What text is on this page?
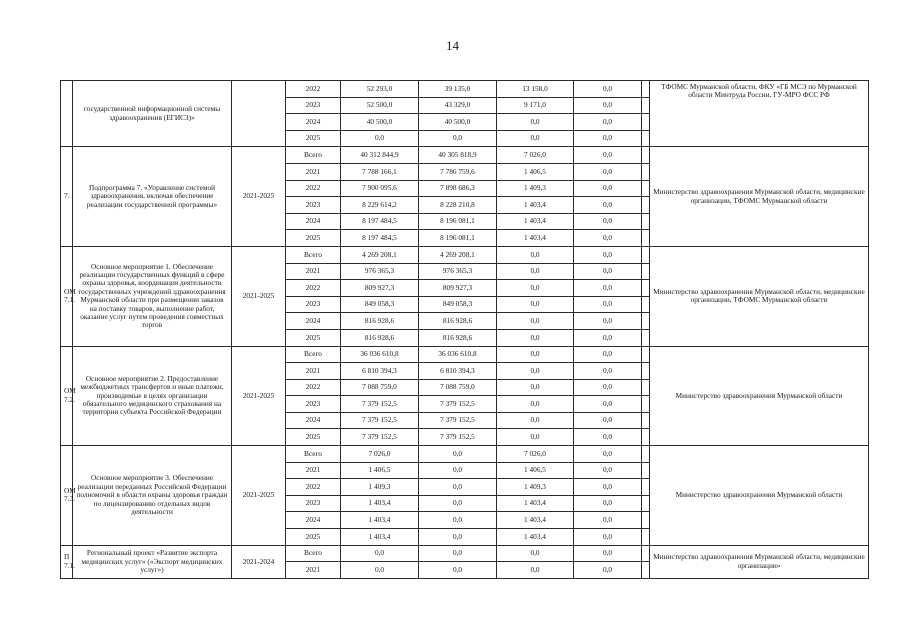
14
	государственной информационной системы здравоохранения (ЕГИСЗ)»		2022	52 293,0	39 135,0	13 158,0	0,0		ТФОМС Мурманской области, ФКУ «ГБ МСЭ по Мурманской области Минтруда России, ГУ-МРО ФСС РФ
			2023	52 500,0	43 329,0	9 171,0	0,0		
			2024	40 500,0	40 500,0	0,0	0,0		
			2025	0,0	0,0	0,0	0,0		
7.	Подпрограмма 7. «Управление системой здравоохранения, включая обеспечение реализации государственной программы»	2021-2025	Всего	40 312 844,9	40 305 818,9	7 026,0	0,0		Министерство здравоохранения Мурманской области, медицинские организации, ТФОМС Мурманской области
			2021	7 788 166,1	7 786 759,6	1 406,5	0,0		
			2022	7 900 095,6	7 898 686,3	1 409,3	0,0		
			2023	8 229 614,2	8 228 210,8	1 403,4	0,0		
			2024	8 197 484,5	8 196 081,1	1 403,4	0,0		
			2025	8 197 484,5	8 196 081,1	1 403,4	0,0		
ОМ 7.1.	Основное мероприятие 1. Обеспечение реализации государственных функций в сфере охраны здоровья, координация деятельности государственных учреждений здравоохранения Мурманской области при размещении заказов на поставку товаров, выполнение работ, оказание услуг путем проведения совместных торгов	2021-2025	Всего	4 269 208,1	4 269 208,1	0,0	0,0		Министерство здравоохранения Мурманской области, медицинские организации, ТФОМС Мурманской области
			2021	976 365,3	976 365,3	0,0	0,0		
			2022	809 927,3	809 927,3	0,0	0,0		
			2023	849 058,3	849 058,3	0,0	0,0		
			2024	816 928,6	816 928,6	0,0	0,0		
			2025	816 928,6	816 928,6	0,0	0,0		
ОМ 7.2.	Основное мероприятие 2. Предоставление межбюджетных трансфертов и иные платежи, производимые в целях организации обязательного медицинского страхования на территории субъекта Российской Федерации	2021-2025	Всего	36 036 610,8	36 036 610,8	0,0	0,0		Министерство здравоохранения Мурманской области
			2021	6 810 394,3	6 810 394,3	0,0	0,0		
			2022	7 088 759,0	7 088 759,0	0,0	0,0		
			2023	7 379 152,5	7 379 152,5	0,0	0,0		
			2024	7 379 152,5	7 379 152,5	0,0	0,0		
			2025	7 379 152,5	7 379 152,5	0,0	0,0		
ОМ 7.3.	Основное мероприятие 3. Обеспечение реализации переданных Российской Федерации полномочий в области охраны здоровья граждан по лицензированию отдельных видов деятельности	2021-2025	Всего	7 026,0	0,0	7 026,0	0,0		Министерство здравоохранения Мурманской области
			2021	1 406,5	0,0	1 406,5	0,0		
			2022	1 409,3	0,0	1 409,3	0,0		
			2023	1 403,4	0,0	1 403,4	0,0		
			2024	1 403,4	0,0	1 403,4	0,0		
			2025	1 403,4	0,0	1 403,4	0,0		
П 7.1.	Региональный проект «Развитие экспорта медицинских услуг» («Экспорт медицинских услуг»)	2021-2024	Всего	0,0	0,0	0,0	0,0		Министерство здравоохранения Мурманской области, медицинские организации»
			2021	0,0	0,0	0,0	0,0		
